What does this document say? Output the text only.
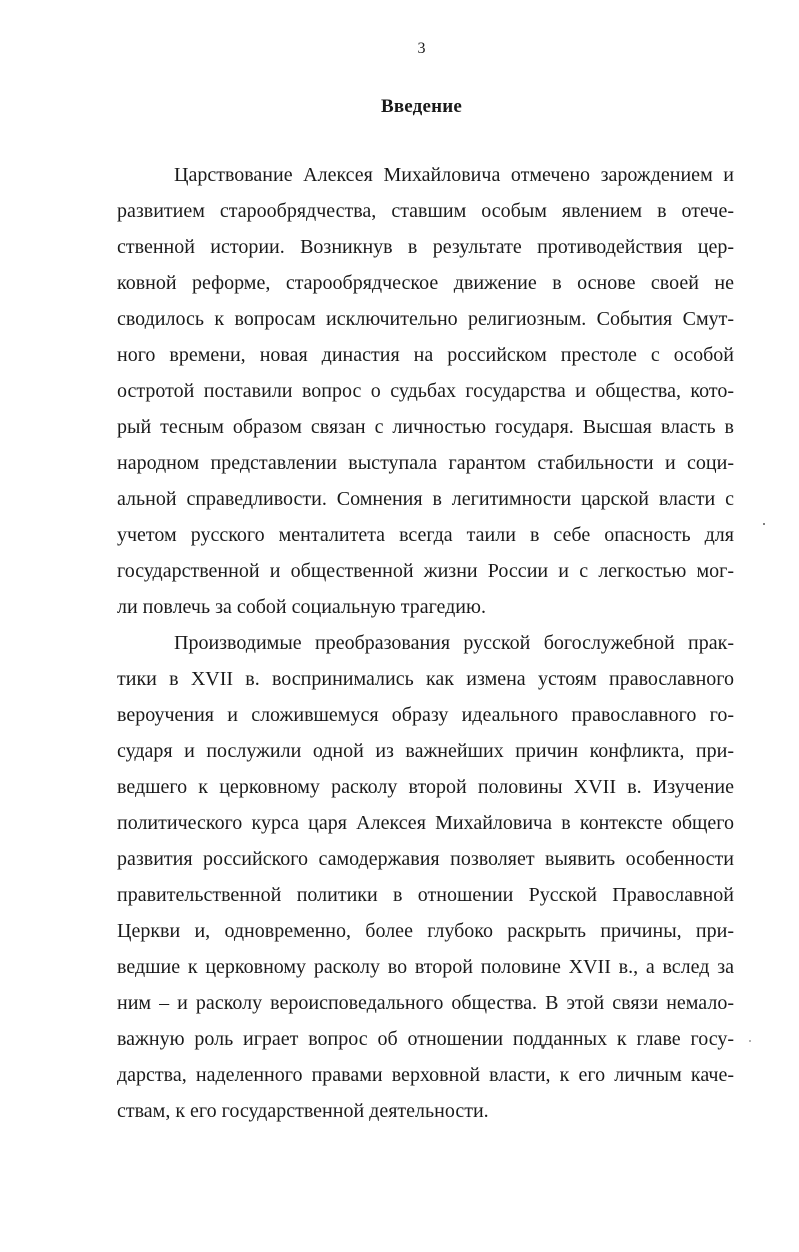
3
Введение
Царствование Алексея Михайловича отмечено зарождением и
развитием старообрядчества, ставшим особым явлением в отече-
ственной истории. Возникнув в результате противодействия цер-
ковной реформе, старообрядческое движение в основе своей не
сводилось к вопросам исключительно религиозным. События Смут-
ного времени, новая династия на российском престоле с особой
остротой поставили вопрос о судьбах государства и общества, кото-
рый тесным образом связан с личностью государя. Высшая власть в
народном представлении выступала гарантом стабильности и соци-
альной справедливости. Сомнения в легитимности царской власти с
учетом русского менталитета всегда таили в себе опасность для
государственной и общественной жизни России и с легкостью мог-
ли повлечь за собой социальную трагедию.
Производимые преобразования русской богослужебной прак-
тики в XVII в. воспринимались как измена устоям православного
вероучения и сложившемуся образу идеального православного го-
сударя и послужили одной из важнейших причин конфликта, при-
ведшего к церковному расколу второй половины XVII в. Изучение
политического курса царя Алексея Михайловича в контексте общего
развития российского самодержавия позволяет выявить особенности
правительственной политики в отношении Русской Православной
Церкви и, одновременно, более глубоко раскрыть причины, при-
ведшие к церковному расколу во второй половине XVII в., а вслед за
ним – и расколу вероисповедального общества. В этой связи немало-
важную роль играет вопрос об отношении подданных к главе госу-
дарства, наделенного правами верховной власти, к его личным каче-
ствам, к его государственной деятельности.
